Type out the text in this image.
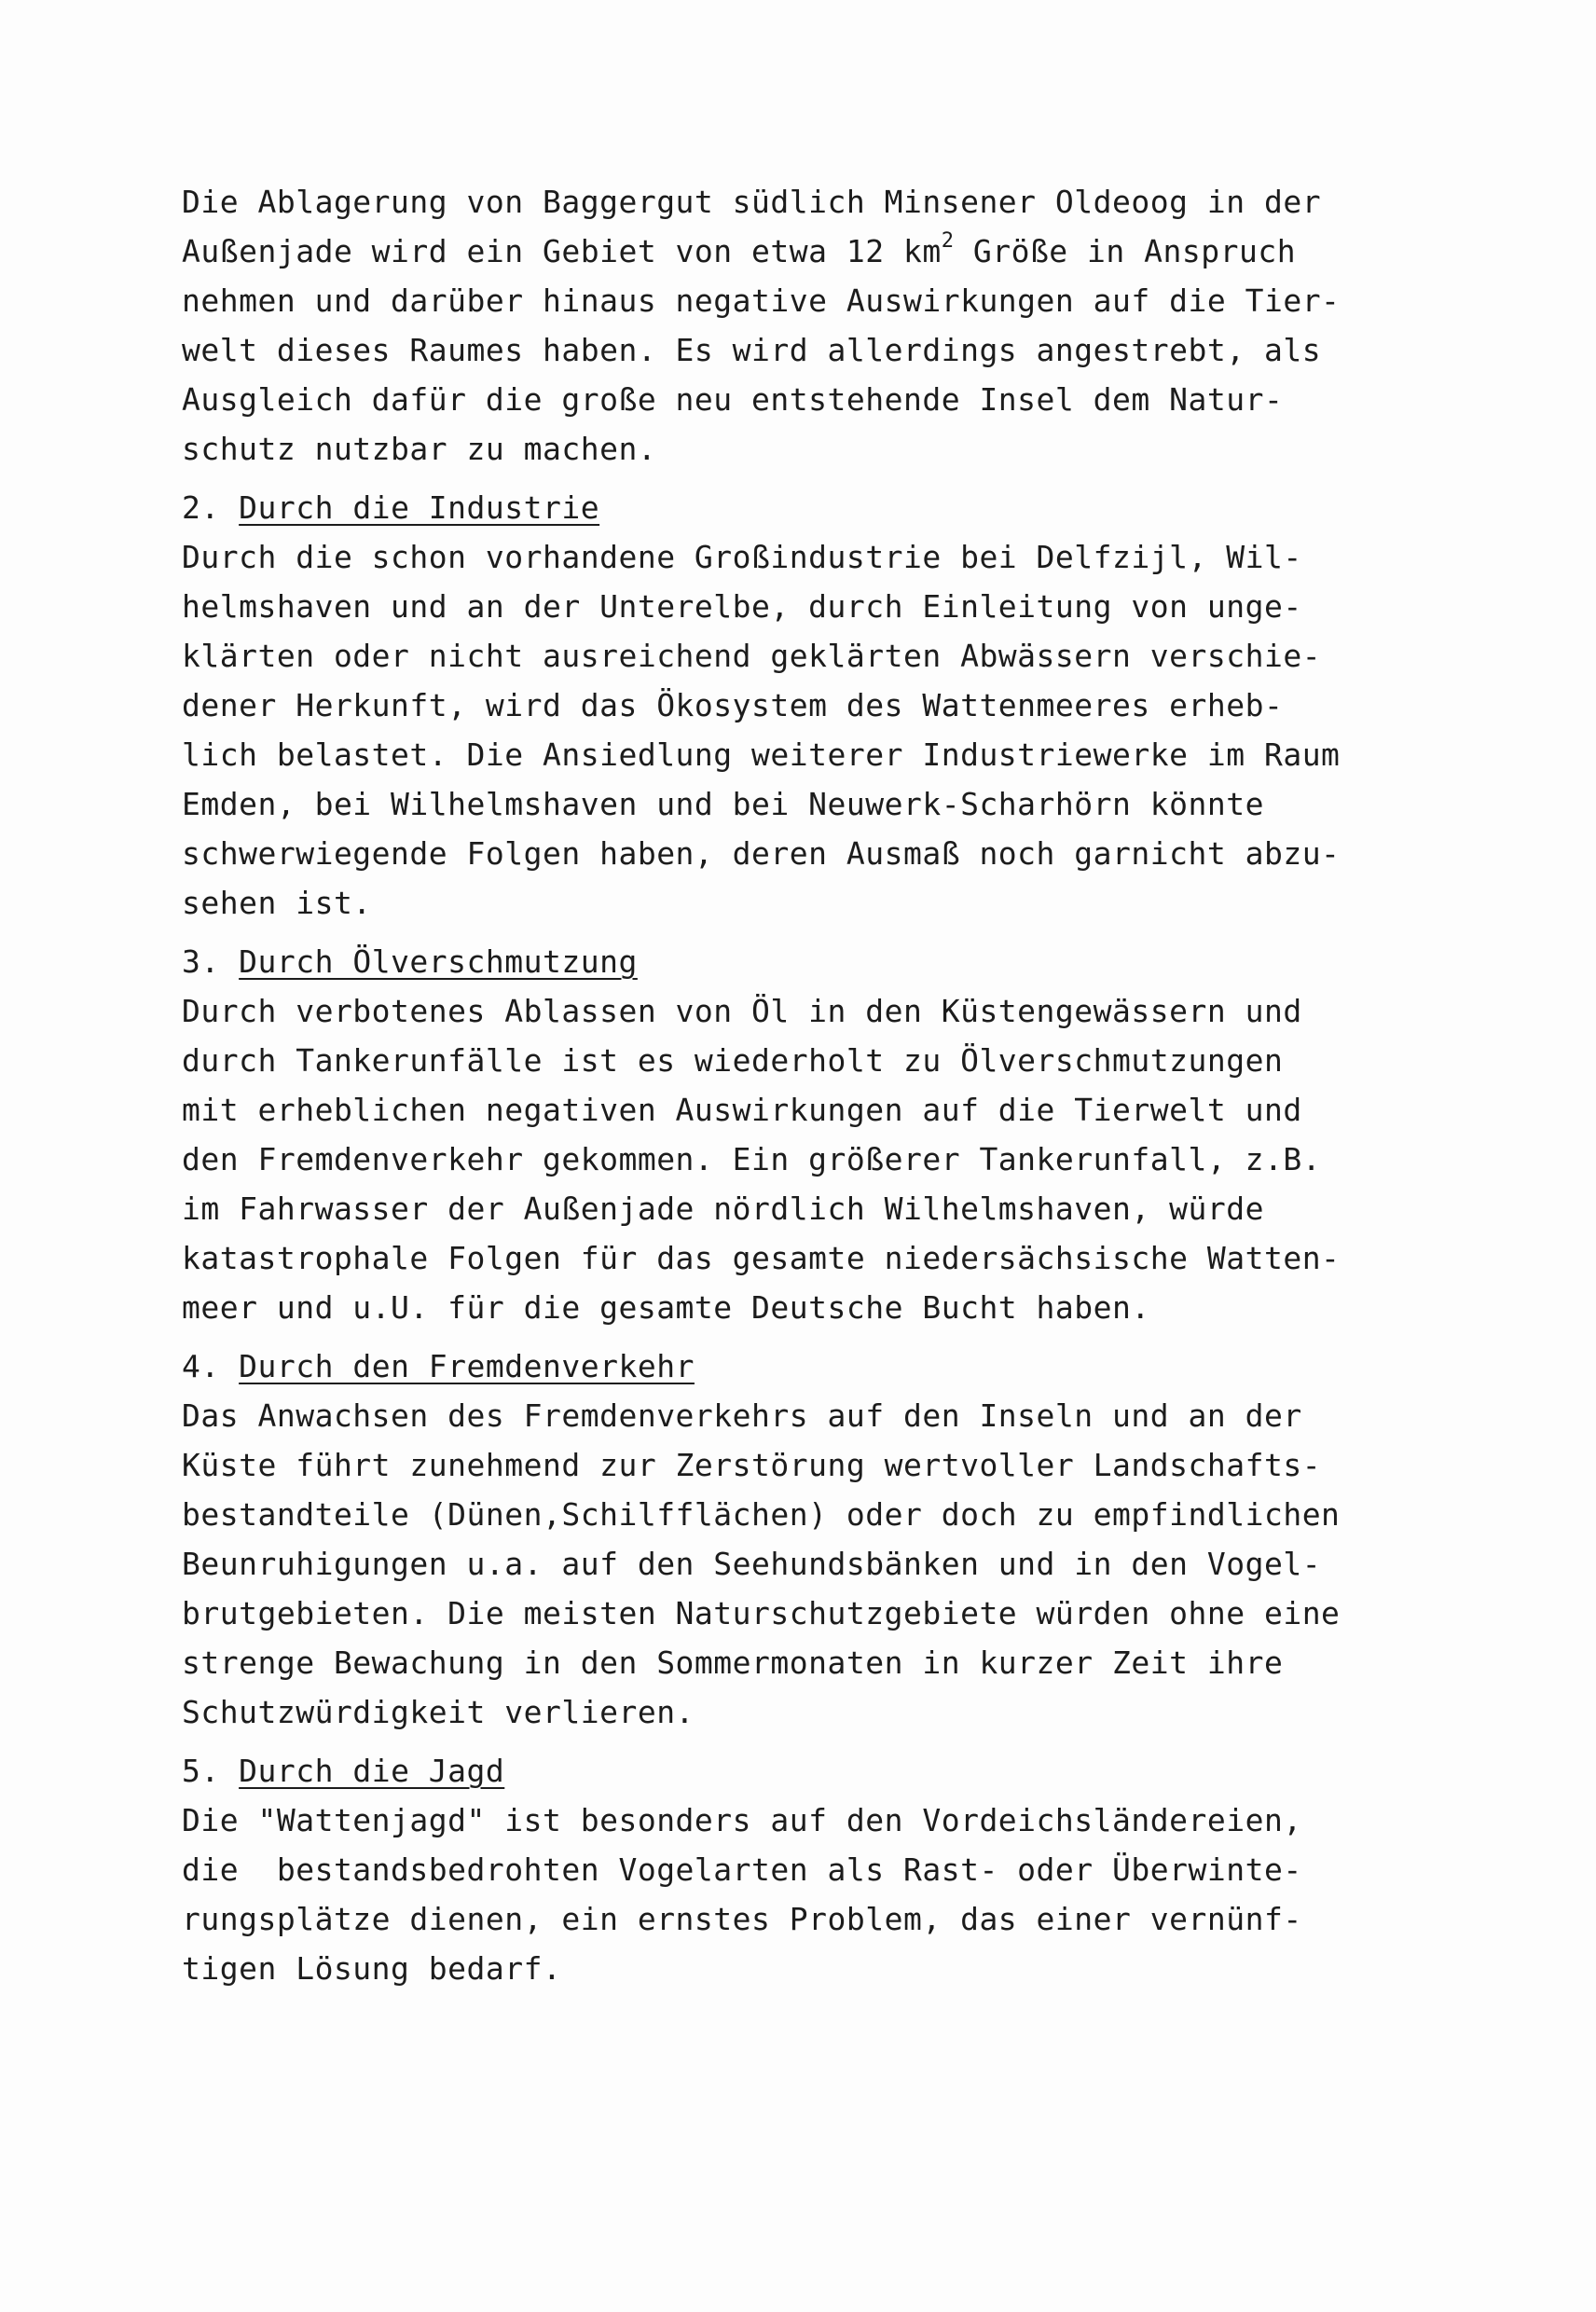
Die Ablagerung von Baggergut südlich Minsener Oldeoog in der
Außenjade wird ein Gebiet von etwa 12 $km^2$ Größe in Anspruch
nehmen und darüber hinaus negative Auswirkungen auf die Tier-
welt dieses Raumes haben. Es wird allerdings angestrebt, als
Ausgleich dafür die große neu entstehende Insel dem Natur-
schutz nutzbar zu machen.
2. Durch die Industrie
Durch die schon vorhandene Großindustrie bei Delfzijl, Wil-
helmshaven und an der Unterelbe, durch Einleitung von unge-
klärten oder nicht ausreichend geklärten Abwässern verschie-
dener Herkunft, wird das Ökosystem des Wattenmeeres erheb-
lich belastet. Die Ansiedlung weiterer Industriewerke im Raum
Emden, bei Wilhelmshaven und bei Neuwerk-Scharhörn könnte
schwerwiegende Folgen haben, deren Ausmaß noch garnicht abzu-
sehen ist.
3. Durch Ölverschmutzung
Durch verbotenes Ablassen von Öl in den Küstengewässern und
durch Tankerunfälle ist es wiederholt zu Ölverschmutzungen
mit erheblichen negativen Auswirkungen auf die Tierwelt und
den Fremdenverkehr gekommen. Ein größerer Tankerunfall, z.B.
im Fahrwasser der Außenjade nördlich Wilhelmshaven, würde
katastrophale Folgen für das gesamte niedersächsische Watten-
meer und u.U. für die gesamte Deutsche Bucht haben.
4. Durch den Fremdenverkehr
Das Anwachsen des Fremdenverkehrs auf den Inseln und an der
Küste führt zunehmend zur Zerstörung wertvoller Landschafts-
bestandteile (Dünen,Schilfflächen) oder doch zu empfindlichen
Beunruhigungen u.a. auf den Seehundsbänken und in den Vogel-
brutgebieten. Die meisten Naturschutzgebiete würden ohne eine
strenge Bewachung in den Sommermonaten in kurzer Zeit ihre
Schutzwürdigkeit verlieren.
5. Durch die Jagd
Die "Wattenjagd" ist besonders auf den Vordeichsländereien,
die  bestandsbedrohten Vogelarten als Rast- oder Überwinte-
rungsplätze dienen, ein ernstes Problem, das einer vernünf-
tigen Lösung bedarf.
